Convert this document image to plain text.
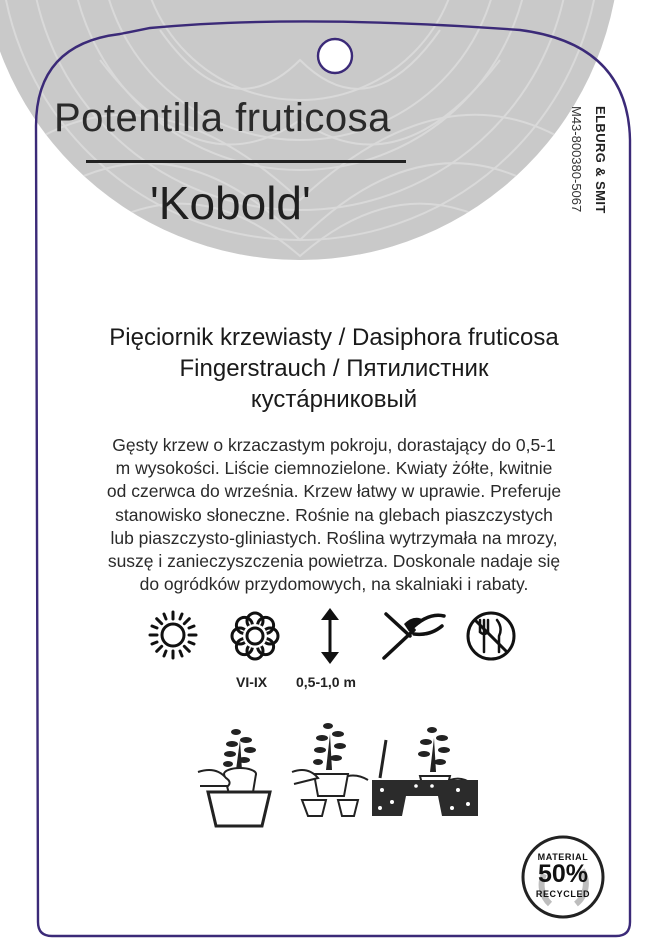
Potentilla fruticosa
'Kobold'	ELBURG & SMIT
M43-800380-5067
Pięciornik krzewiasty / Dasiphora fruticosa
Fingerstrauch / Пятилистник
кустáрниковый
Gęsty krzew o krzaczastym pokroju, dorastający do 0,5-1
m wysokości. Liście ciemnozielone. Kwiaty żółte, kwitnie
od czerwca do września. Krzew łatwy w uprawie. Preferuje
stanowisko słoneczne. Rośnie na glebach piaszczystych
lub piaszczysto-gliniastych. Roślina wytrzymała na mrozy,
suszę i zanieczyszczenia powietrza. Doskonale nadaje się
do ogródków przydomowych, na skalniaki i rabaty.
VI-IX 0,5-1,0 m
MATERIAL
50%
RECYCLED
